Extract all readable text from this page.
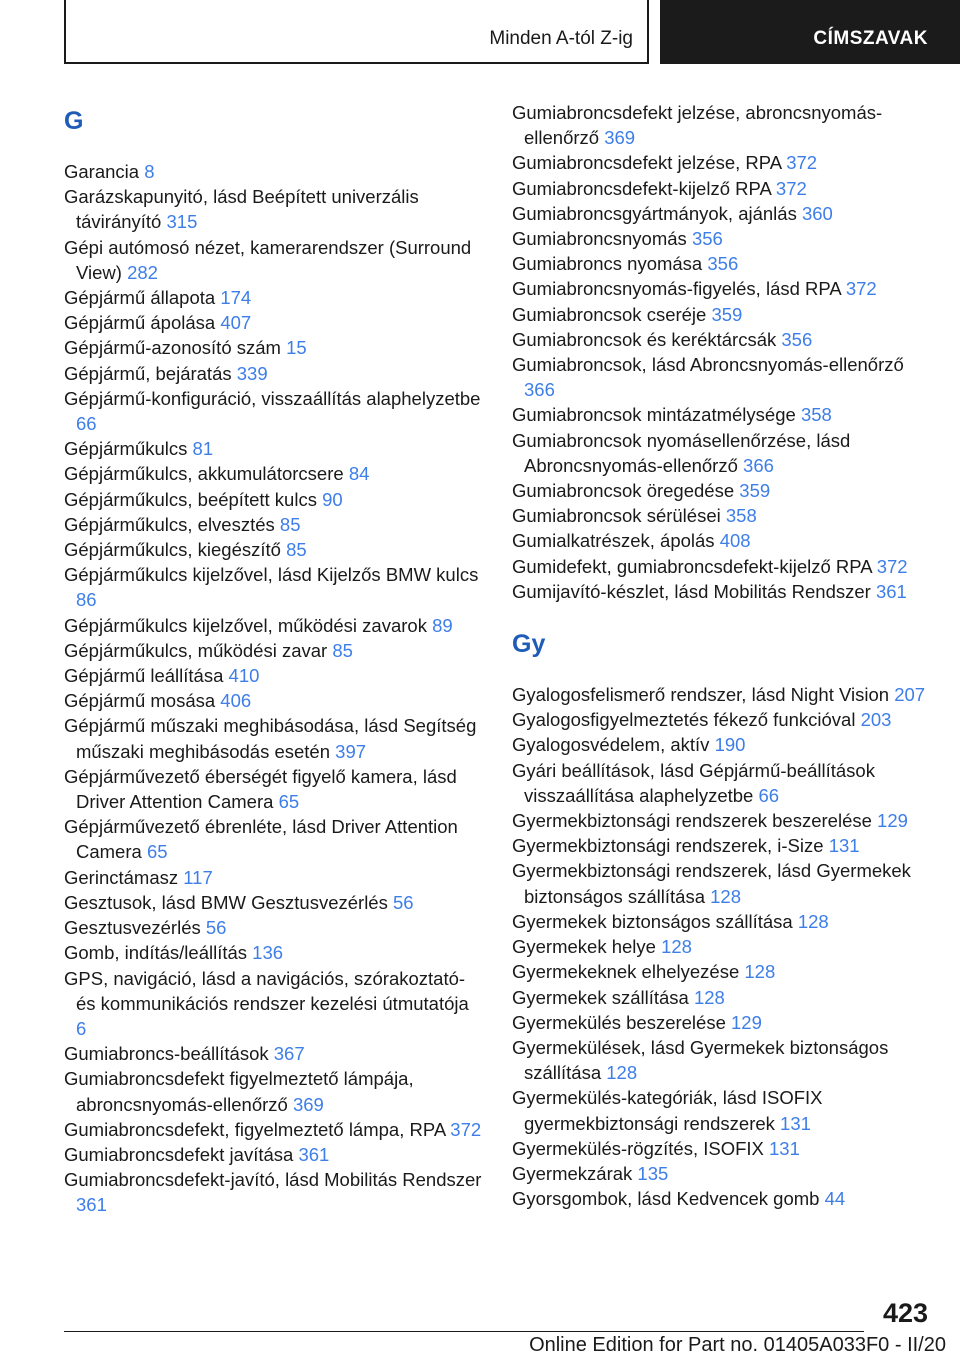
Minden A-tól Z-ig	CÍMSZAVAK
G
Garancia 8
Garázskapunyitó, lásd Beépített univerzális távirányító 315
Gépi autómosó nézet, kamerarendszer (Surround View) 282
Gépjármű állapota 174
Gépjármű ápolása 407
Gépjármű-azonosító szám 15
Gépjármű, bejáratás 339
Gépjármű-konfiguráció, visszaállítás alaphelyzetbe 66
Gépjárműkulcs 81
Gépjárműkulcs, akkumulátorcsere 84
Gépjárműkulcs, beépített kulcs 90
Gépjárműkulcs, elvesztés 85
Gépjárműkulcs, kiegészítő 85
Gépjárműkulcs kijelzővel, lásd Kijelzős BMW kulcs 86
Gépjárműkulcs kijelzővel, működési zavarok 89
Gépjárműkulcs, működési zavar 85
Gépjármű leállítása 410
Gépjármű mosása 406
Gépjármű műszaki meghibásodása, lásd Segítség műszaki meghibásodás esetén 397
Gépjárművezető éberségét figyelő kamera, lásd Driver Attention Camera 65
Gépjárművezető ébrenléte, lásd Driver Attention Camera 65
Gerinctámasz 117
Gesztusok, lásd BMW Gesztusvezérlés 56
Gesztusvezérlés 56
Gomb, indítás/leállítás 136
GPS, navigáció, lásd a navigációs, szórakoztató- és kommunikációs rendszer kezelési útmutatója 6
Gumiabroncs-beállítások 367
Gumiabroncsdefekt figyelmeztető lámpája, abroncsnyomás-ellenőrző 369
Gumiabroncsdefekt, figyelmeztető lámpa, RPA 372
Gumiabroncsdefekt javítása 361
Gumiabroncsdefekt-javító, lásd Mobilitás Rendszer 361
Gumiabroncsdefekt jelzése, abroncsnyomás-ellenőrző 369
Gumiabroncsdefekt jelzése, RPA 372
Gumiabroncsdefekt-kijelző RPA 372
Gumiabroncsgyártmányok, ajánlás 360
Gumiabroncsnyomás 356
Gumiabroncs nyomása 356
Gumiabroncsnyomás-figyelés, lásd RPA 372
Gumiabroncsok cseréje 359
Gumiabroncsok és keréktárcsák 356
Gumiabroncsok, lásd Abroncsnyomás-ellenőrző 366
Gumiabroncsok mintázatmélysége 358
Gumiabroncsok nyomásellenőrzése, lásd Abroncsnyomás-ellenőrző 366
Gumiabroncsok öregedése 359
Gumiabroncsok sérülései 358
Gumialkatrészek, ápolás 408
Gumidefekt, gumiabroncsdefekt-kijelző RPA 372
Gumijavító-készlet, lásd Mobilitás Rendszer 361
Gy
Gyalogosfelismerő rendszer, lásd Night Vision 207
Gyalogosfigyelmeztetés fékező funkcióval 203
Gyalogosvédelem, aktív 190
Gyári beállítások, lásd Gépjármű-beállítások visszaállítása alaphelyzetbe 66
Gyermekbiztonsági rendszerek beszerelése 129
Gyermekbiztonsági rendszerek, i-Size 131
Gyermekbiztonsági rendszerek, lásd Gyermekek biztonságos szállítása 128
Gyermekek biztonságos szállítása 128
Gyermekek helye 128
Gyermekeknek elhelyezése 128
Gyermekek szállítása 128
Gyermekülés beszerelése 129
Gyermekülések, lásd Gyermekek biztonságos szállítása 128
Gyermekülés-kategóriák, lásd ISOFIX gyermekbiztonsági rendszerek 131
Gyermekülés-rögzítés, ISOFIX 131
Gyermekzárak 135
Gyorsgombok, lásd Kedvencek gomb 44
423
Online Edition for Part no. 01405A033F0 - II/20
